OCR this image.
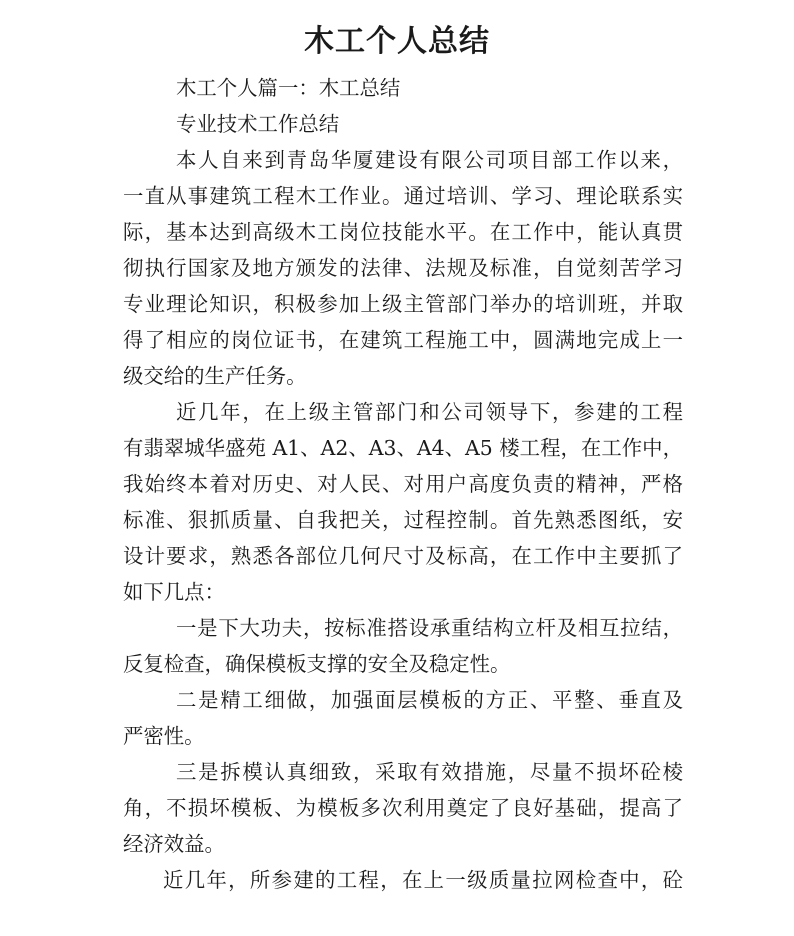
木工个人总结
木工个人篇一：木工总结
专业技术工作总结
本人自来到青岛华厦建设有限公司项目部工作以来，
一直从事建筑工程木工作业。通过培训、学习、理论联系实
际，基本达到高级木工岗位技能水平。在工作中，能认真贯
彻执行国家及地方颁发的法律、法规及标准，自觉刻苦学习
专业理论知识，积极参加上级主管部门举办的培训班，并取
得了相应的岗位证书，在建筑工程施工中，圆满地完成上一
级交给的生产任务。
近几年，在上级主管部门和公司领导下，参建的工程
有翡翠城华盛苑 A1、A2、A3、A4、A5 楼工程，在工作中，
我始终本着对历史、对人民、对用户高度负责的精神，严格
标准、狠抓质量、自我把关，过程控制。首先熟悉图纸，安
设计要求，熟悉各部位几何尺寸及标高，在工作中主要抓了
如下几点：
一是下大功夫，按标准搭设承重结构立杆及相互拉结，
反复检查，确保模板支撑的安全及稳定性。
二是精工细做，加强面层模板的方正、平整、垂直及
严密性。
三是拆模认真细致，采取有效措施，尽量不损坏砼棱
角，不损坏模板、为模板多次利用奠定了良好基础，提高了
经济效益。
近几年，所参建的工程，在上一级质量拉网检查中，砼
